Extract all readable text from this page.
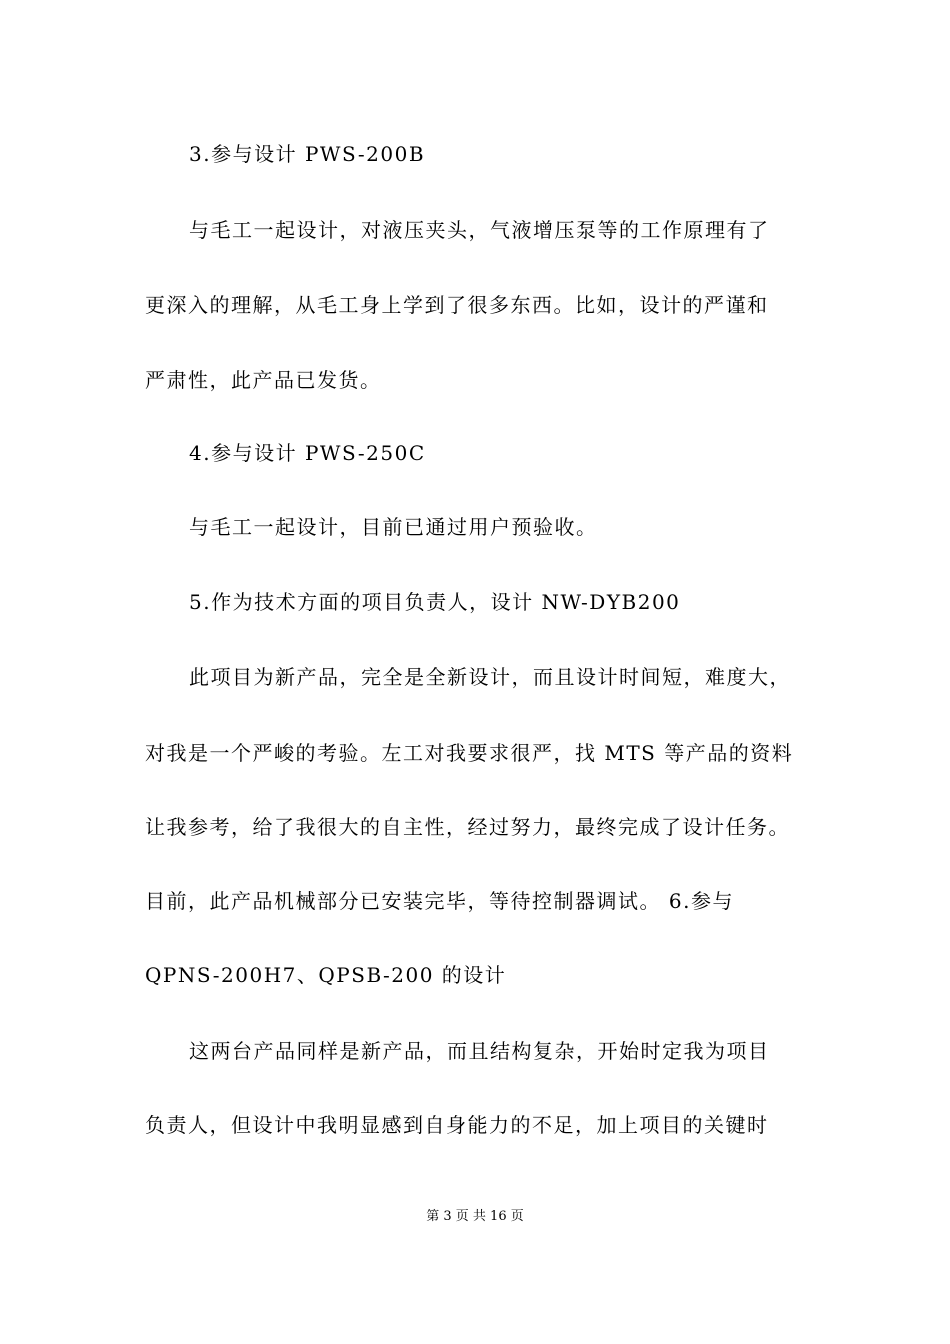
3.参与设计 PWS-200B
与毛工一起设计，对液压夹头，气液增压泵等的工作原理有了
更深入的理解，从毛工身上学到了很多东西。比如，设计的严谨和
严肃性，此产品已发货。
4.参与设计 PWS-250C
与毛工一起设计，目前已通过用户预验收。
5.作为技术方面的项目负责人，设计 NW-DYB200
此项目为新产品，完全是全新设计，而且设计时间短，难度大，
对我是一个严峻的考验。左工对我要求很严，找 MTS 等产品的资料
让我参考，给了我很大的自主性，经过努力，最终完成了设计任务。
目前，此产品机械部分已安装完毕，等待控制器调试。 6.参与
QPNS-200H7、QPSB-200 的设计
这两台产品同样是新产品，而且结构复杂，开始时定我为项目
负责人，但设计中我明显感到自身能力的不足，加上项目的关键时
第 3 页 共 16 页
